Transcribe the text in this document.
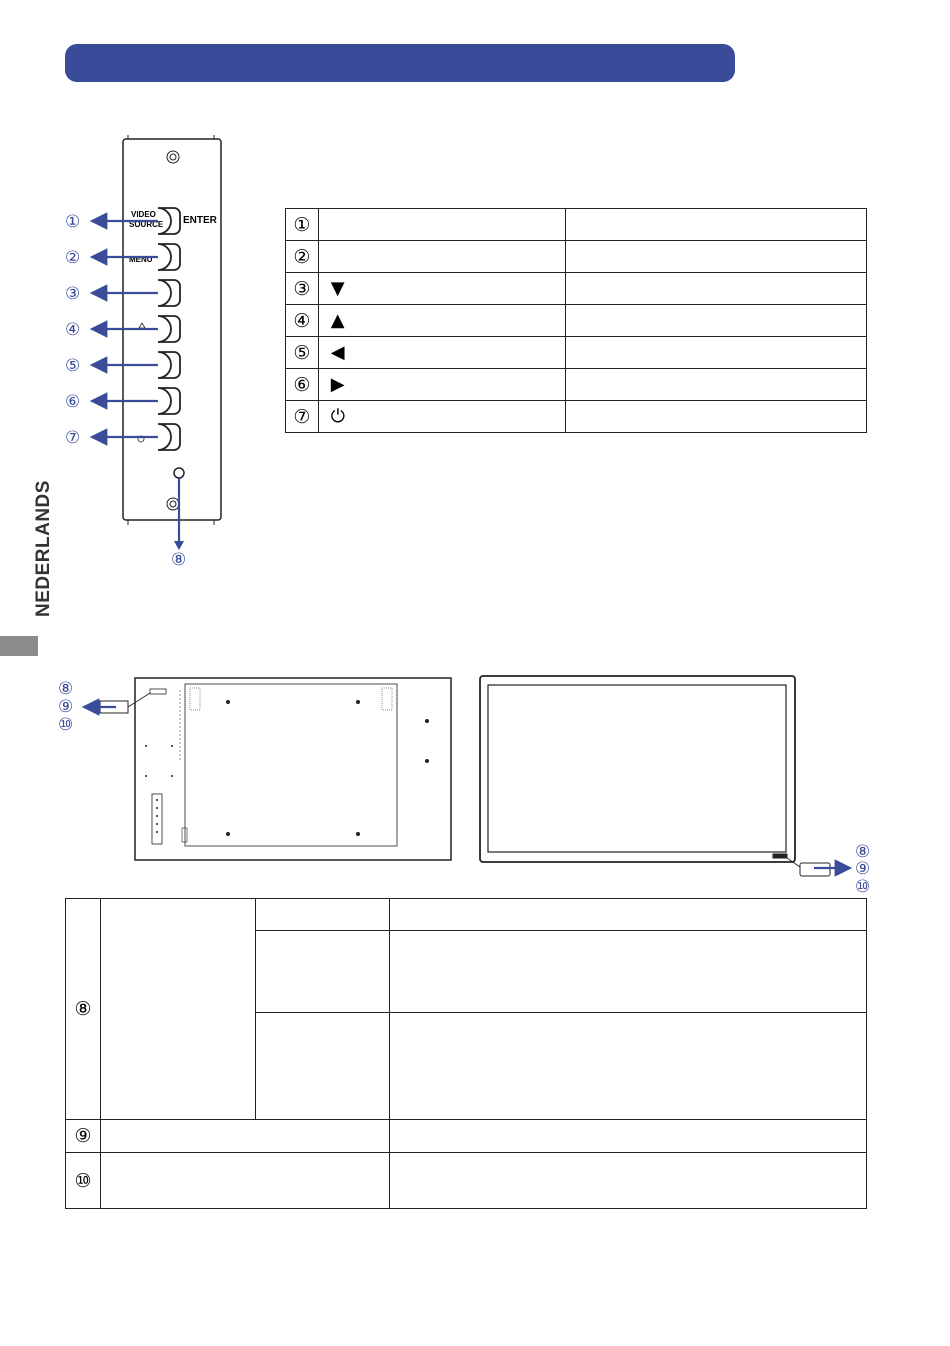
NEDERLANDS
VIDEO
SOURCE ENTER
MENU
①
②
③
④
⑤
⑥
⑦
⑧
①		
②		
③	▼	
④	▲	
⑤	◀	
⑥	▶	
⑦	⏻	
⑧
⑨
⑩
⑧
⑨
⑩
⑧			

⑨			
⑩			
